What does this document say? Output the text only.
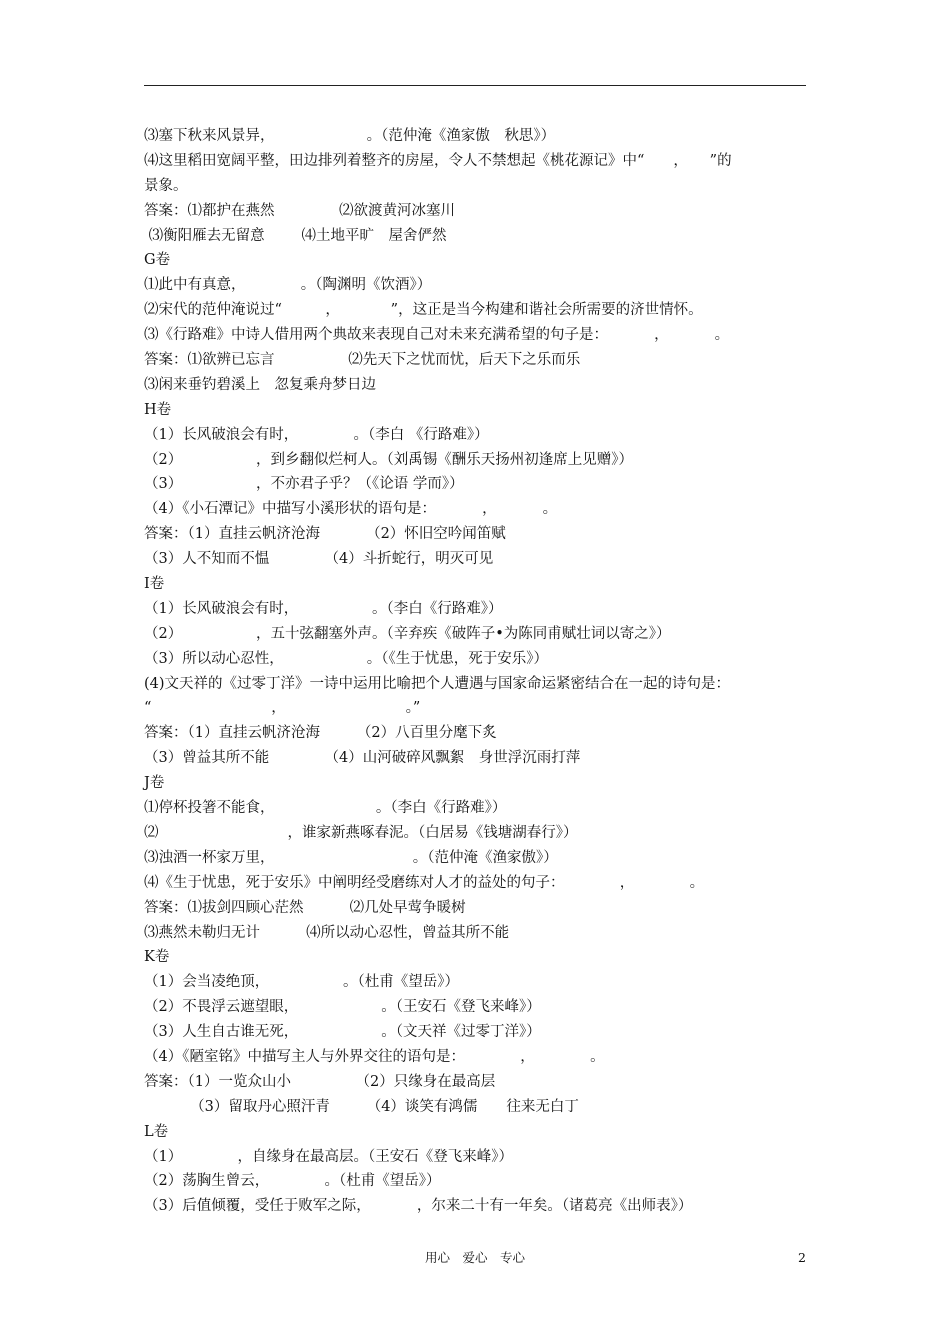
⑶塞下秋来风景异，                    。（范仲淹《渔家傲　秋思》）
⑷这里稻田宽阔平整，田边排列着整齐的房屋，令人不禁想起《桃花源记》中“　　，　　”的
景象。
答案：⑴都护在燕然              ⑵欲渡黄河冰塞川
⑶衡阳雁去无留意        ⑷土地平旷　屋舍俨然
G卷
⑴此中有真意，            。（陶渊明《饮酒》）
⑵宋代的范仲淹说过“　　　，　　　　”，这正是当今构建和谐社会所需要的济世情怀。
⑶《行路难》中诗人借用两个典故来表现自己对未来充满希望的句子是：          ，          。
答案：⑴欲辨已忘言                ⑵先天下之忧而忧，后天下之乐而乐
⑶闲来垂钓碧溪上　忽复乘舟梦日边
H卷
（1）长风破浪会有时，            。（李白 《行路难》）
（2）                ，到乡翻似烂柯人。（刘禹锡《酬乐天扬州初逢席上见赠》）
（3）                ，不亦君子乎？（《论语 学而》）
（4）《小石潭记》中描写小溪形状的语句是：          ，          。
答案：（1）直挂云帆济沧海          （2）怀旧空吟闻笛赋
（3）人不知而不愠            （4）斗折蛇行，明灭可见
I卷
（1）长风破浪会有时，                。（李白《行路难》）
（2）                ，五十弦翻塞外声。（辛弃疾《破阵子•为陈同甫赋壮词以寄之》）
（3）所以动心忍性，                  。（《生于忧患，死于安乐》）
(4)文天祥的《过零丁洋》一诗中运用比喻把个人遭遇与国家命运紧密结合在一起的诗句是：
“                          ，                          。”
答案：（1）直挂云帆济沧海        （2）八百里分麾下炙
（3）曾益其所不能            （4）山河破碎风飘絮　身世浮沉雨打萍
J卷
⑴停杯投箸不能食，                      。（李白《行路难》）
⑵                            ，谁家新燕啄春泥。（白居易《钱塘湖春行》）
⑶浊酒一杯家万里，                              。（范仲淹《渔家傲》）
⑷《生于忧患，死于安乐》中阐明经受磨练对人才的益处的句子：            ，            。
答案：⑴拔剑四顾心茫然          ⑵几处早莺争暖树
⑶燕然未勒归无计          ⑷所以动心忍性，曾益其所不能
K卷
（1）会当凌绝顶，                。（杜甫《望岳》）
（2）不畏浮云遮望眼，                  。（王安石《登飞来峰》）
（3）人生自古谁无死，                  。（文天祥《过零丁洋》）
（4）《陋室铭》中描写主人与外界交往的语句是：            ，            。
答案：（1）一览众山小              （2）只缘身在最高层
（3）留取丹心照汗青        （4）谈笑有鸿儒　　往来无白丁
L卷
（1）            ，自缘身在最高层。（王安石《登飞来峰》）
（2）荡胸生曾云，            。（杜甫《望岳》）
（3）后值倾覆，受任于败军之际，          ，尔来二十有一年矣。（诸葛亮《出师表》）
用心　爱心　专心	2
